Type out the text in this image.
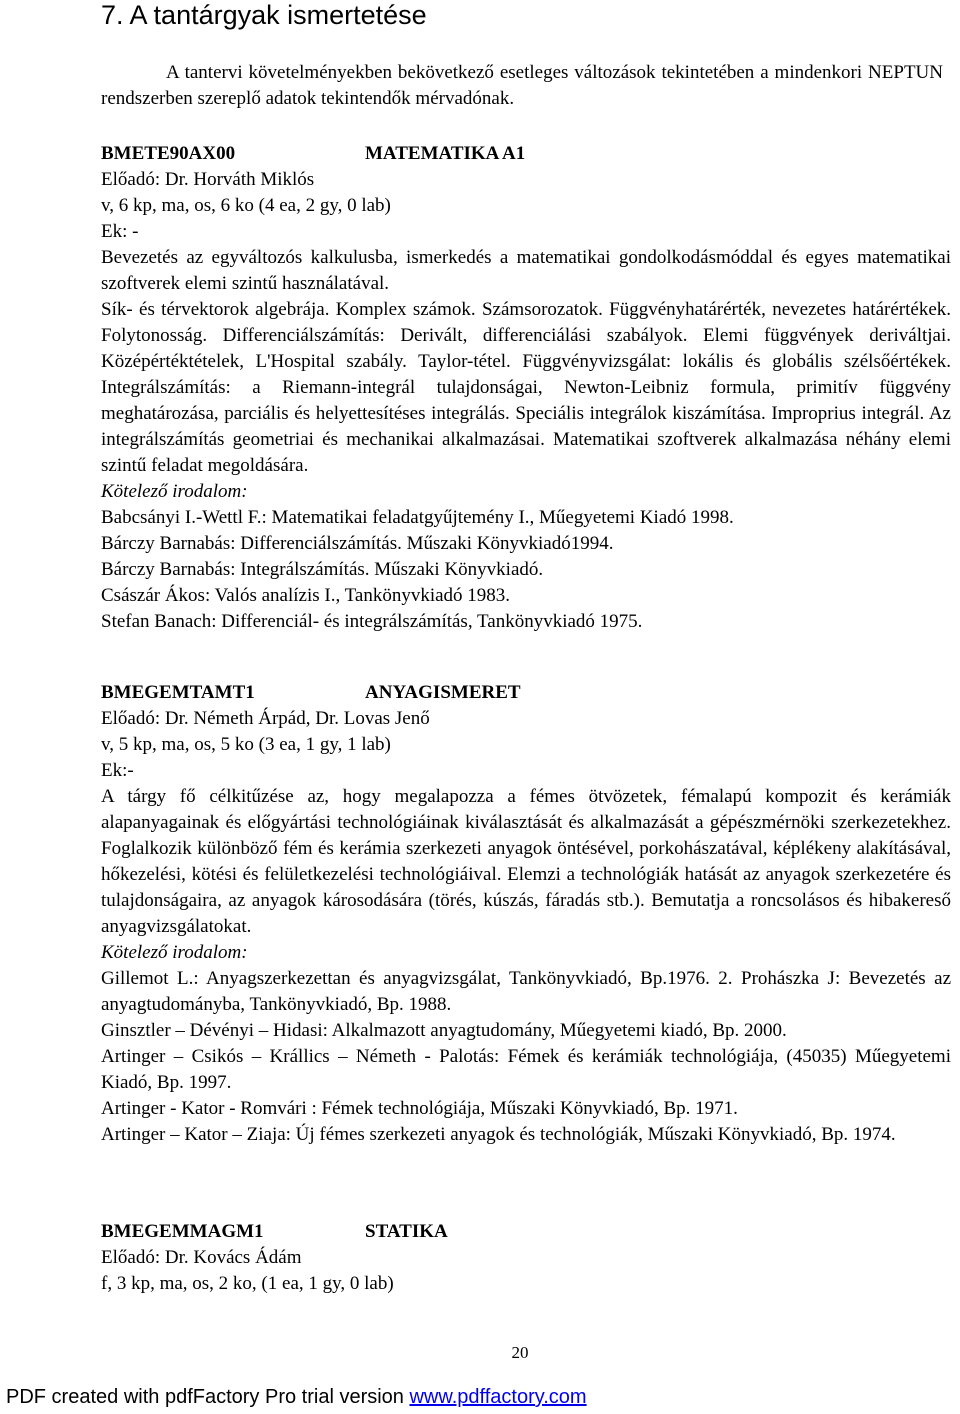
7. A tantárgyak ismertetése

A tantervi követelményekben bekövetkező esetleges változások tekintetében a mindenkori NEPTUN rendszerben szereplő adatok tekintendők mérvadónak.

BMETE90AX00	MATEMATIKA A1

Előadó: Dr. Horváth Miklós

v, 6 kp, ma, os, 6 ko (4 ea, 2 gy, 0 lab)

Ek: -

Bevezetés az egyváltozós kalkulusba, ismerkedés a matematikai gondolkodásmóddal és egyes matematikai szoftverek elemi szintű használatával.

Sík- és térvektorok algebrája. Komplex számok. Számsorozatok. Függvényhatárérték, nevezetes határértékek. Folytonosság. Differenciálszámítás: Derivált, differenciálási szabályok. Elemi függvények deriváltjai. Középértéktételek, L'Hospital szabály. Taylor-tétel. Függvényvizsgálat: lokális és globális szélsőértékek. Integrálszámítás: a Riemann-integrál tulajdonságai, Newton-Leibniz formula, primitív függvény meghatározása, parciális és helyettesítéses integrálás. Speciális integrálok kiszámítása. Improprius integrál. Az integrálszámítás geometriai és mechanikai alkalmazásai. Matematikai szoftverek alkalmazása néhány elemi szintű feladat megoldására.

Kötelező irodalom:

Babcsányi I.-Wettl F.: Matematikai feladatgyűjtemény I., Műegyetemi Kiadó 1998.

Bárczy Barnabás: Differenciálszámítás. Műszaki Könyvkiadó1994.

Bárczy Barnabás: Integrálszámítás. Műszaki Könyvkiadó.

Császár Ákos: Valós analízis I., Tankönyvkiadó 1983.

Stefan Banach: Differenciál- és integrálszámítás, Tankönyvkiadó 1975.

BMEGEMTAMT1	ANYAGISMERET

Előadó: Dr. Németh Árpád, Dr. Lovas Jenő

v, 5 kp, ma, os, 5 ko (3 ea, 1 gy, 1 lab)

Ek:-

A tárgy fő célkitűzése az, hogy megalapozza a fémes ötvözetek, fémalapú kompozit és kerámiák alapanyagainak és előgyártási technológiáinak kiválasztását és alkalmazását a gépészmérnöki szerkezetekhez. Foglalkozik különböző fém és kerámia szerkezeti anyagok öntésével, porkohászatával, képlékeny alakításával, hőkezelési, kötési és felületkezelési technológiáival. Elemzi a technológiák hatását az anyagok szerkezetére és tulajdonságaira, az anyagok károsodására (törés, kúszás, fáradás stb.). Bemutatja a roncsolásos és hibakereső anyagvizsgálatokat.

Kötelező irodalom:

Gillemot L.: Anyagszerkezettan és anyagvizsgálat, Tankönyvkiadó, Bp.1976. 2. Prohászka J: Bevezetés az anyagtudományba, Tankönyvkiadó, Bp. 1988.

Ginsztler – Dévényi – Hidasi: Alkalmazott anyagtudomány, Műegyetemi kiadó, Bp. 2000.

Artinger – Csikós – Krállics – Németh - Palotás: Fémek és kerámiák technológiája, (45035) Műegyetemi Kiadó, Bp. 1997.

Artinger - Kator - Romvári : Fémek technológiája, Műszaki Könyvkiadó, Bp. 1971.

Artinger – Kator – Ziaja: Új fémes szerkezeti anyagok és technológiák, Műszaki Könyvkiadó, Bp. 1974.

BMEGEMMAGM1	STATIKA

Előadó: Dr. Kovács Ádám

f, 3 kp, ma, os, 2 ko, (1 ea, 1 gy, 0 lab)

20
PDF created with pdfFactory Pro trial version www.pdffactory.com
